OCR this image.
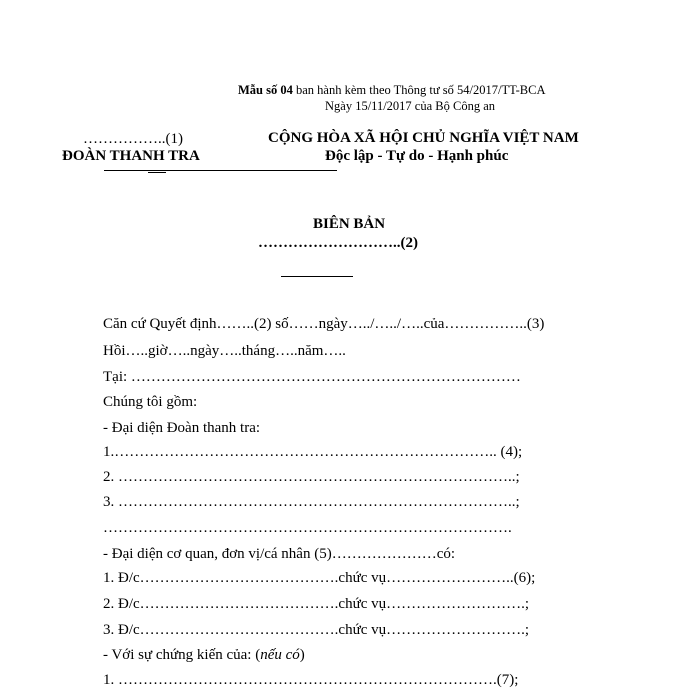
Mẫu số 04 ban hành kèm theo Thông tư số 54/2017/TT-BCA
Ngày 15/11/2017 của Bộ Công an
……………..(1)
ĐOÀN THANH TRA
CỘNG HÒA XÃ HỘI CHỦ NGHĨA VIỆT NAM
Độc lập - Tự do - Hạnh phúc
BIÊN BẢN
………………………..(2)
Căn cứ Quyết định……..(2) số……ngày…../…../…..của……………..(3)
Hồi…..giờ…..ngày…..tháng…..năm…..
Tại: ……………………………………………………………………
Chúng tôi gồm:
- Đại diện Đoàn thanh tra:
1.………………………………………………………………….. (4);
2. ……………………………………………………………………..;
3. ……………………………………………………………………..;
……………………………………………………………………….
- Đại diện cơ quan, đơn vị/cá nhân (5)…………………có:
1. Đ/c………………………………….chức vụ……………………..(6);
2. Đ/c………………………………….chức vụ……………………….;
3. Đ/c………………………………….chức vụ……………………….;
- Với sự chứng kiến của: (nếu có)
1. ………………………………………………………………….(7);
